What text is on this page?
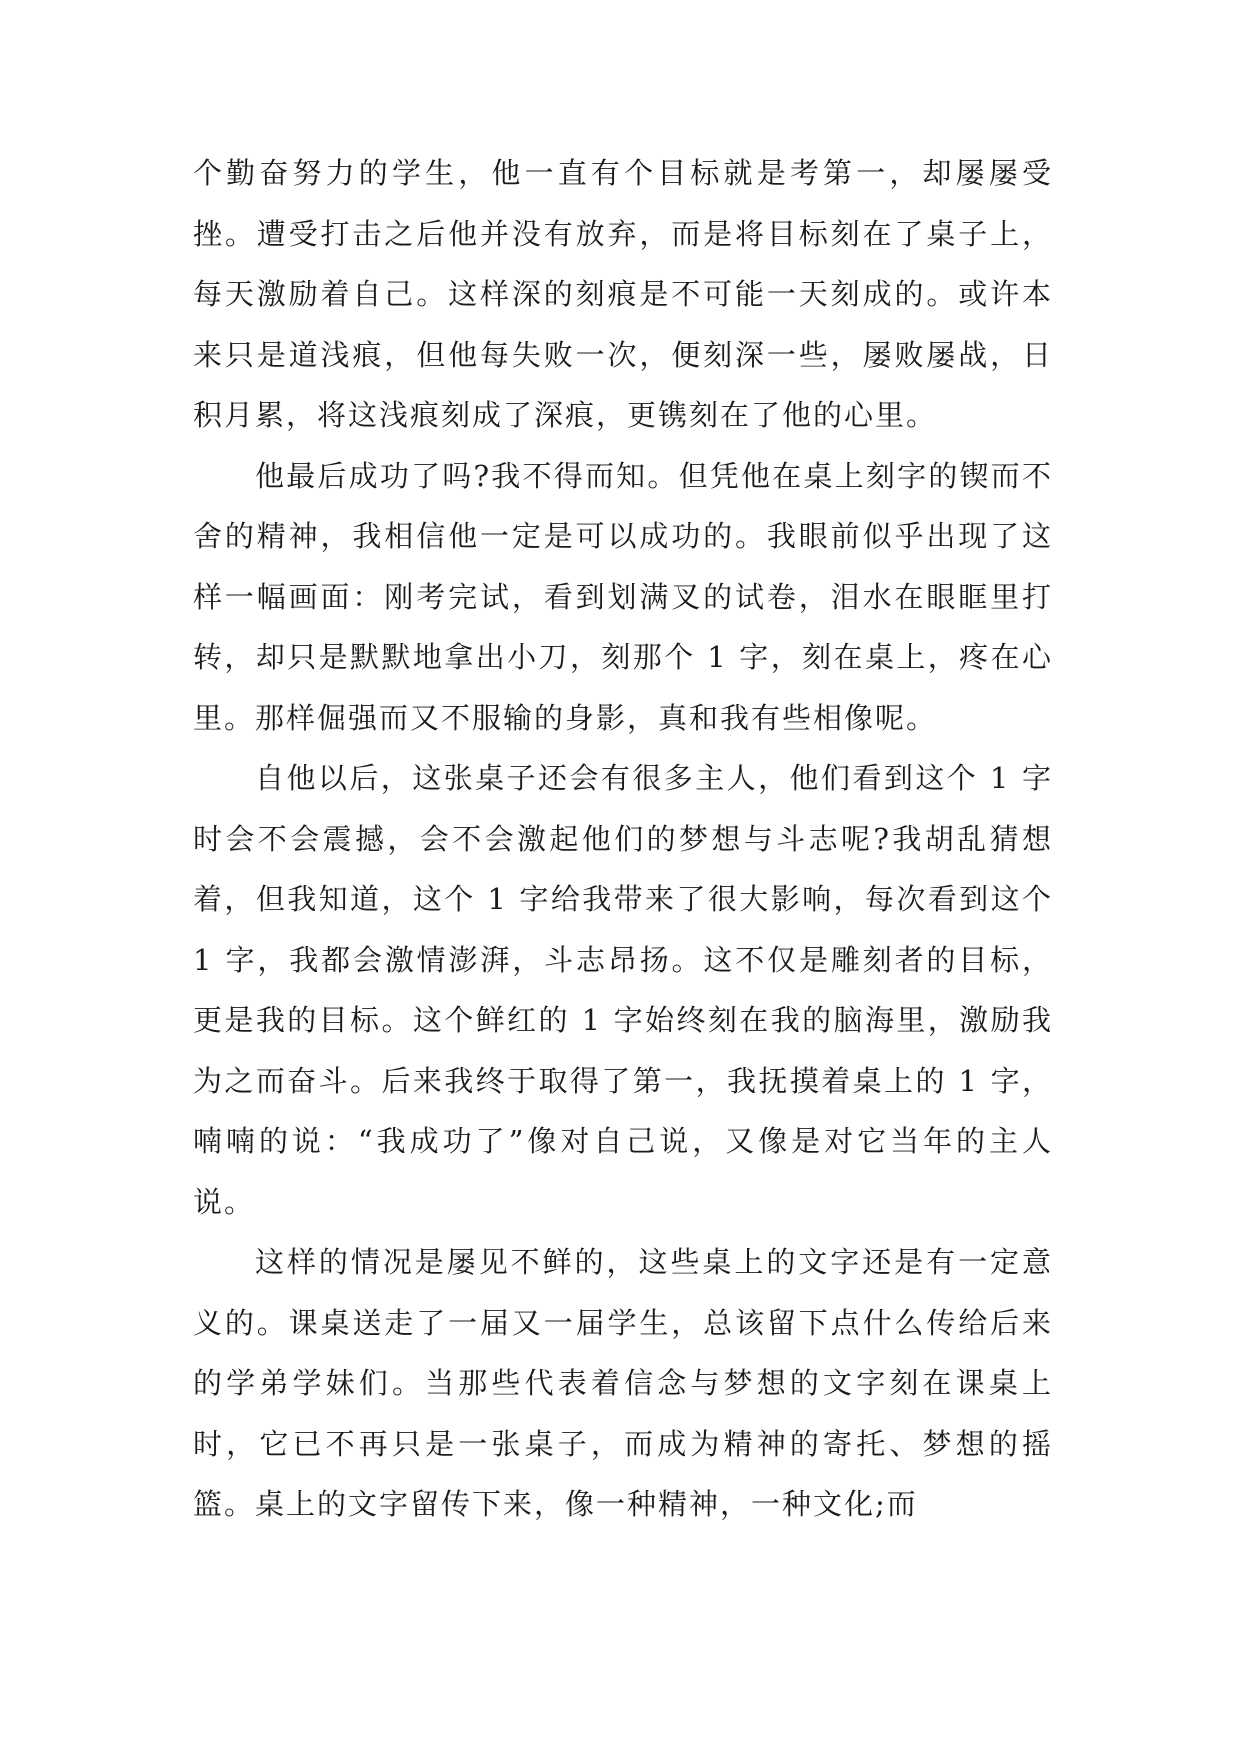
个勤奋努力的学生，他一直有个目标就是考第一，却屡屡受挫。遭受打击之后他并没有放弃，而是将目标刻在了桌子上，每天激励着自己。这样深的刻痕是不可能一天刻成的。或许本来只是道浅痕，但他每失败一次，便刻深一些，屡败屡战，日积月累，将这浅痕刻成了深痕，更镌刻在了他的心里。

他最后成功了吗?我不得而知。但凭他在桌上刻字的锲而不舍的精神，我相信他一定是可以成功的。我眼前似乎出现了这样一幅画面：刚考完试，看到划满叉的试卷，泪水在眼眶里打转，却只是默默地拿出小刀，刻那个 1 字，刻在桌上，疼在心里。那样倔强而又不服输的身影，真和我有些相像呢。

自他以后，这张桌子还会有很多主人，他们看到这个 1 字时会不会震撼，会不会激起他们的梦想与斗志呢?我胡乱猜想着，但我知道，这个 1 字给我带来了很大影响，每次看到这个 1 字，我都会激情澎湃，斗志昂扬。这不仅是雕刻者的目标，更是我的目标。这个鲜红的 1 字始终刻在我的脑海里，激励我为之而奋斗。后来我终于取得了第一，我抚摸着桌上的 1 字，喃喃的说：“我成功了”像对自己说，又像是对它当年的主人说。

这样的情况是屡见不鲜的，这些桌上的文字还是有一定意义的。课桌送走了一届又一届学生，总该留下点什么传给后来的学弟学妹们。当那些代表着信念与梦想的文字刻在课桌上时，它已不再只是一张桌子，而成为精神的寄托、梦想的摇篮。桌上的文字留传下来，像一种精神，一种文化;而
